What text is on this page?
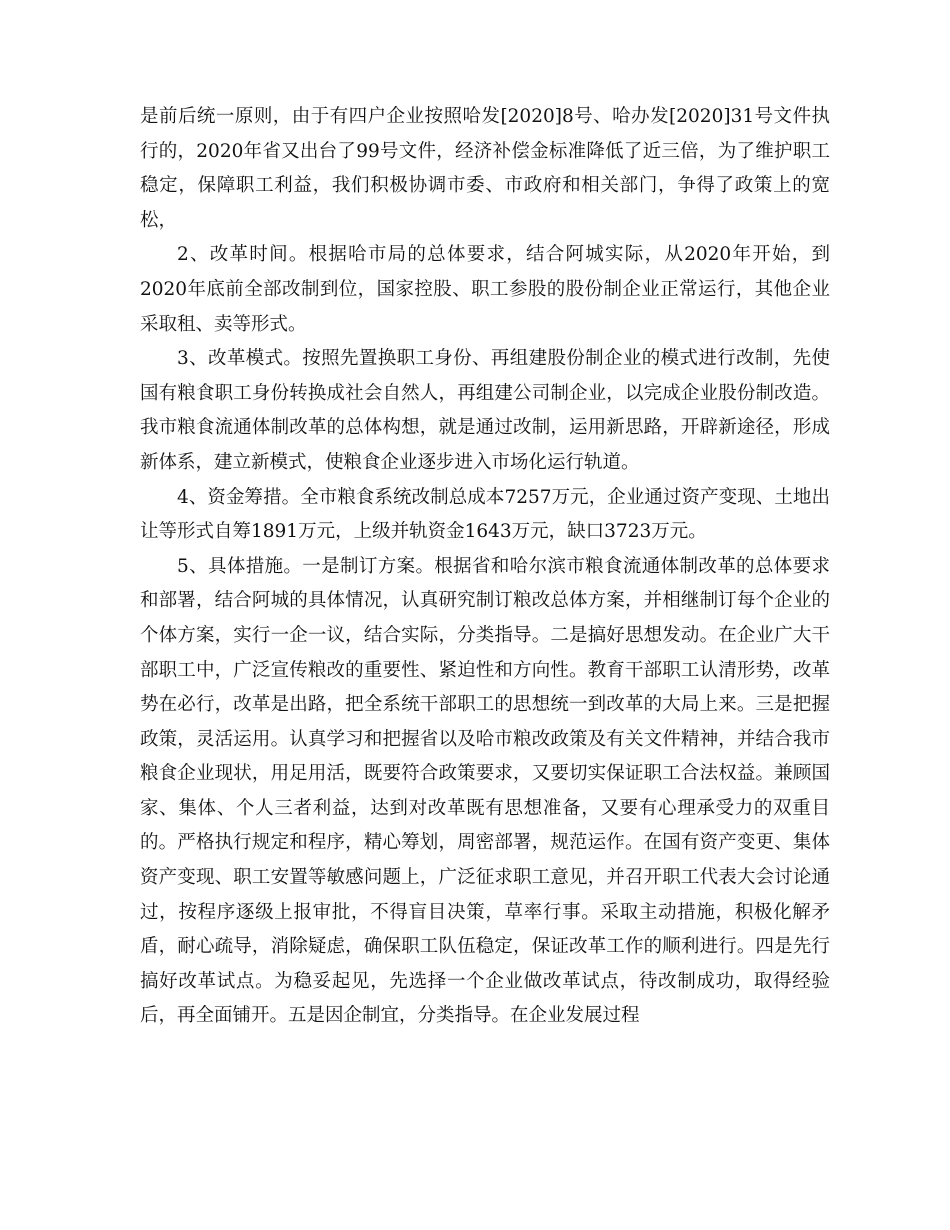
是前后统一原则，由于有四户企业按照哈发[2020]8号、哈办发[2020]31号文件执行的，2020年省又出台了99号文件，经济补偿金标准降低了近三倍，为了维护职工稳定，保障职工利益，我们积极协调市委、市政府和相关部门，争得了政策上的宽松，

2、改革时间。根据哈市局的总体要求，结合阿城实际，从2020年开始，到2020年底前全部改制到位，国家控股、职工参股的股份制企业正常运行，其他企业采取租、卖等形式。

3、改革模式。按照先置换职工身份、再组建股份制企业的模式进行改制，先使国有粮食职工身份转换成社会自然人，再组建公司制企业，以完成企业股份制改造。我市粮食流通体制改革的总体构想，就是通过改制，运用新思路，开辟新途径，形成新体系，建立新模式，使粮食企业逐步进入市场化运行轨道。

4、资金筹措。全市粮食系统改制总成本7257万元，企业通过资产变现、土地出让等形式自筹1891万元，上级并轨资金1643万元，缺口3723万元。

5、具体措施。一是制订方案。根据省和哈尔滨市粮食流通体制改革的总体要求和部署，结合阿城的具体情况，认真研究制订粮改总体方案，并相继制订每个企业的个体方案，实行一企一议，结合实际，分类指导。二是搞好思想发动。在企业广大干部职工中，广泛宣传粮改的重要性、紧迫性和方向性。教育干部职工认清形势，改革势在必行，改革是出路，把全系统干部职工的思想统一到改革的大局上来。三是把握政策，灵活运用。认真学习和把握省以及哈市粮改政策及有关文件精神，并结合我市粮食企业现状，用足用活，既要符合政策要求，又要切实保证职工合法权益。兼顾国家、集体、个人三者利益，达到对改革既有思想准备，又要有心理承受力的双重目的。严格执行规定和程序，精心筹划，周密部署，规范运作。在国有资产变更、集体资产变现、职工安置等敏感问题上，广泛征求职工意见，并召开职工代表大会讨论通过，按程序逐级上报审批，不得盲目决策，草率行事。采取主动措施，积极化解矛盾，耐心疏导，消除疑虑，确保职工队伍稳定，保证改革工作的顺利进行。四是先行搞好改革试点。为稳妥起见，先选择一个企业做改革试点，待改制成功，取得经验后，再全面铺开。五是因企制宜，分类指导。在企业发展过程
